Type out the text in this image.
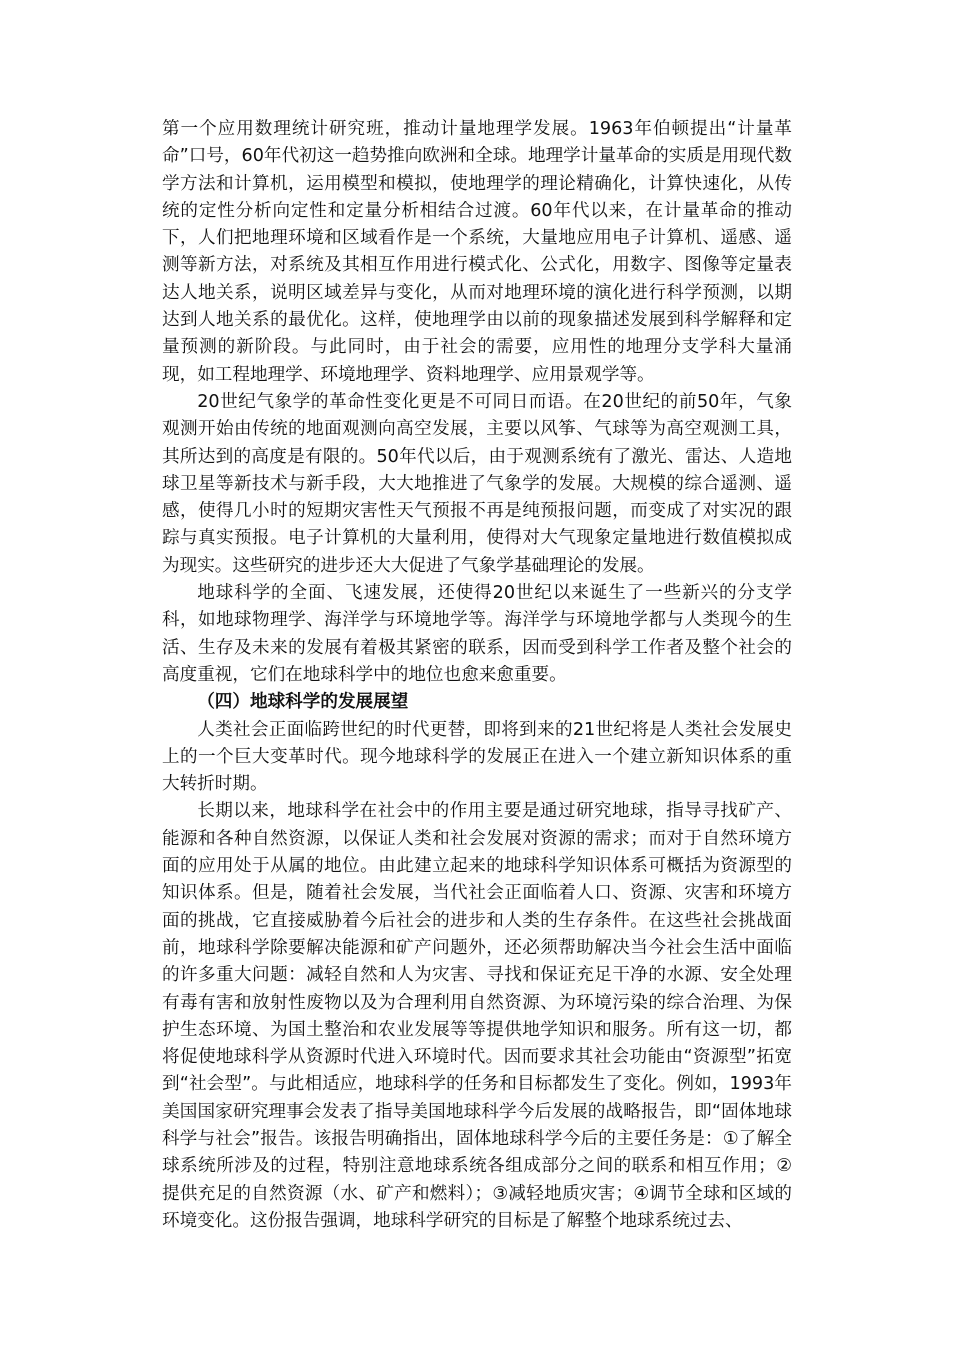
第一个应用数理统计研究班，推动计量地理学发展。1963年伯顿提出“计量革命”口号，60年代初这一趋势推向欧洲和全球。地理学计量革命的实质是用现代数学方法和计算机，运用模型和模拟，使地理学的理论精确化，计算快速化，从传统的定性分析向定性和定量分析相结合过渡。60年代以来，在计量革命的推动下，人们把地理环境和区域看作是一个系统，大量地应用电子计算机、遥感、遥测等新方法，对系统及其相互作用进行模式化、公式化，用数字、图像等定量表达人地关系，说明区域差异与变化，从而对地理环境的演化进行科学预测，以期达到人地关系的最优化。这样，使地理学由以前的现象描述发展到科学解释和定量预测的新阶段。与此同时，由于社会的需要，应用性的地理分支学科大量涌现，如工程地理学、环境地理学、资料地理学、应用景观学等。

20世纪气象学的革命性变化更是不可同日而语。在20世纪的前50年，气象观测开始由传统的地面观测向高空发展，主要以风筝、气球等为高空观测工具，其所达到的高度是有限的。50年代以后，由于观测系统有了激光、雷达、人造地球卫星等新技术与新手段，大大地推进了气象学的发展。大规模的综合遥测、遥感，使得几小时的短期灾害性天气预报不再是纯预报问题，而变成了对实况的跟踪与真实预报。电子计算机的大量利用，使得对大气现象定量地进行数值模拟成为现实。这些研究的进步还大大促进了气象学基础理论的发展。

地球科学的全面、飞速发展，还使得20世纪以来诞生了一些新兴的分支学科，如地球物理学、海洋学与环境地学等。海洋学与环境地学都与人类现今的生活、生存及未来的发展有着极其紧密的联系，因而受到科学工作者及整个社会的高度重视，它们在地球科学中的地位也愈来愈重要。

（四）地球科学的发展展望

人类社会正面临跨世纪的时代更替，即将到来的21世纪将是人类社会发展史上的一个巨大变革时代。现今地球科学的发展正在进入一个建立新知识体系的重大转折时期。

长期以来，地球科学在社会中的作用主要是通过研究地球，指导寻找矿产、能源和各种自然资源，以保证人类和社会发展对资源的需求；而对于自然环境方面的应用处于从属的地位。由此建立起来的地球科学知识体系可概括为资源型的知识体系。但是，随着社会发展，当代社会正面临着人口、资源、灾害和环境方面的挑战，它直接威胁着今后社会的进步和人类的生存条件。在这些社会挑战面前，地球科学除要解决能源和矿产问题外，还必须帮助解决当今社会生活中面临的许多重大问题：减轻自然和人为灾害、寻找和保证充足干净的水源、安全处理有毒有害和放射性废物以及为合理利用自然资源、为环境污染的综合治理、为保护生态环境、为国土整治和农业发展等等提供地学知识和服务。所有这一切，都将促使地球科学从资源时代进入环境时代。因而要求其社会功能由“资源型”拓宽到“社会型”。与此相适应，地球科学的任务和目标都发生了变化。例如，1993年美国国家研究理事会发表了指导美国地球科学今后发展的战略报告，即“固体地球科学与社会”报告。该报告明确指出，固体地球科学今后的主要任务是：①了解全球系统所涉及的过程，特别注意地球系统各组成部分之间的联系和相互作用；②提供充足的自然资源（水、矿产和燃料）；③减轻地质灾害；④调节全球和区域的环境变化。这份报告强调，地球科学研究的目标是了解整个地球系统过去、
